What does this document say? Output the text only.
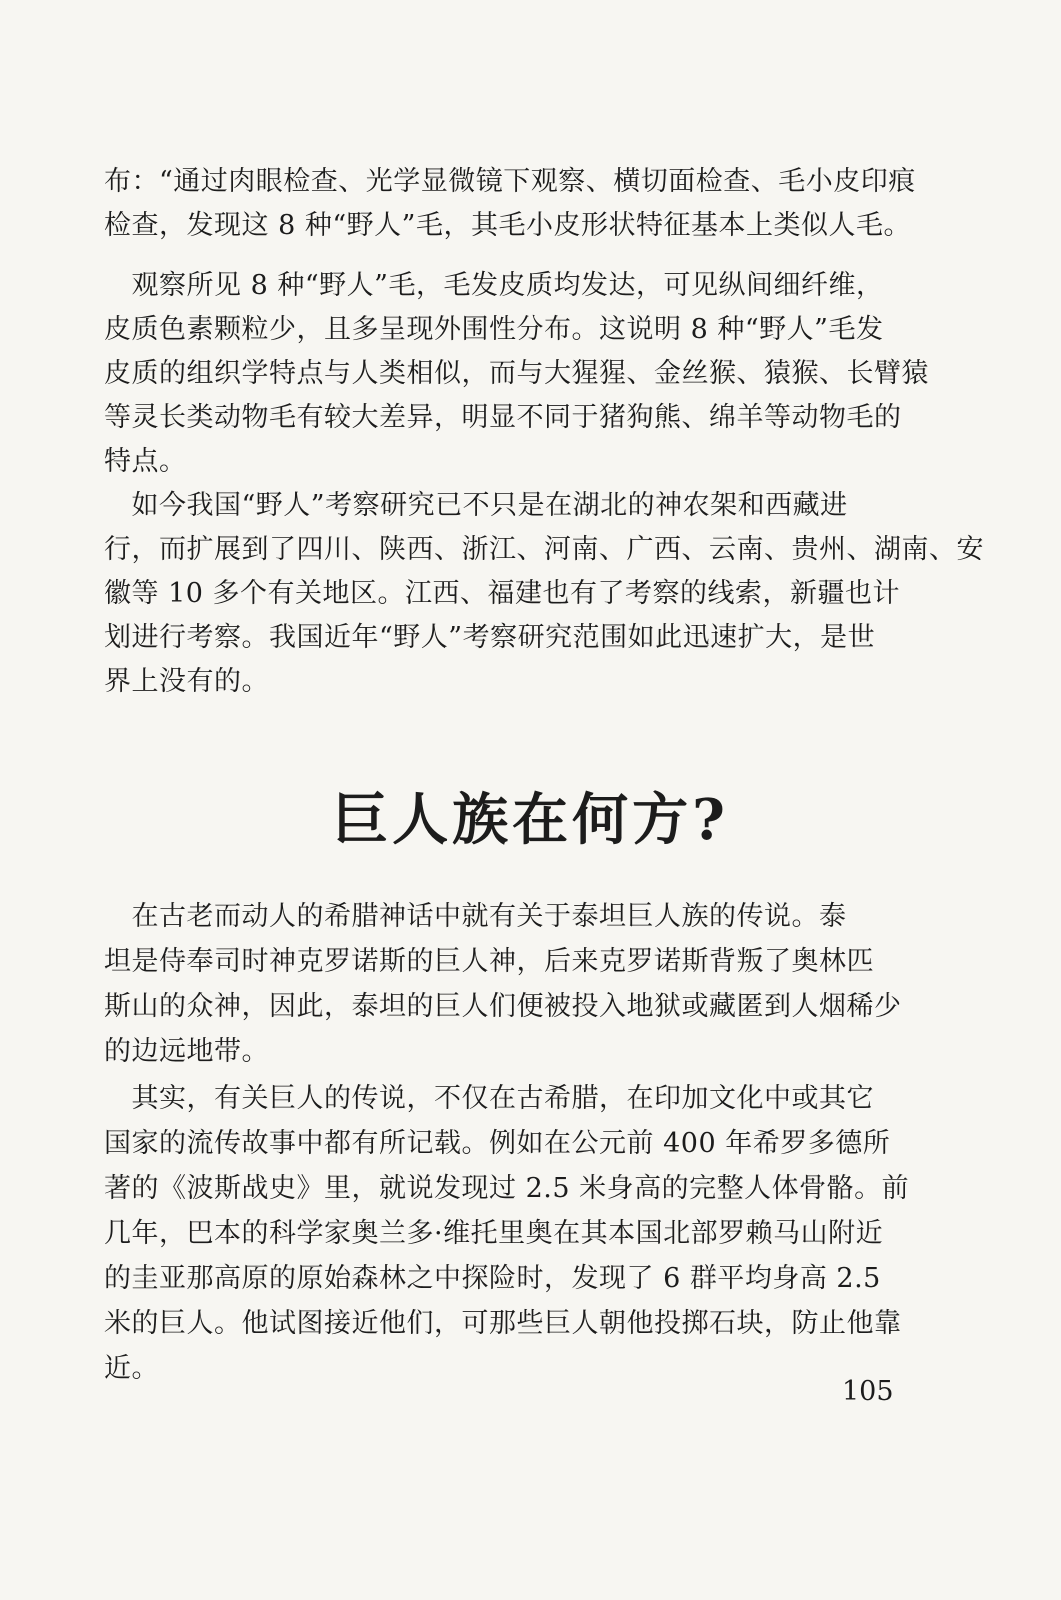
布：“通过肉眼检查、光学显微镜下观察、横切面检查、毛小皮印痕
检查，发现这 8 种“野人”毛，其毛小皮形状特征基本上类似人毛。
　观察所见 8 种“野人”毛，毛发皮质均发达，可见纵间细纤维，
皮质色素颗粒少，且多呈现外围性分布。这说明 8 种“野人”毛发
皮质的组织学特点与人类相似，而与大猩猩、金丝猴、猿猴、长臂猿
等灵长类动物毛有较大差异，明显不同于猪狗熊、绵羊等动物毛的
特点。
　如今我国“野人”考察研究已不只是在湖北的神农架和西藏进
行，而扩展到了四川、陕西、浙江、河南、广西、云南、贵州、湖南、安
徽等 10 多个有关地区。江西、福建也有了考察的线索，新疆也计
划进行考察。我国近年“野人”考察研究范围如此迅速扩大，是世
界上没有的。
巨人族在何方?
　在古老而动人的希腊神话中就有关于泰坦巨人族的传说。泰
坦是侍奉司时神克罗诺斯的巨人神，后来克罗诺斯背叛了奥林匹
斯山的众神，因此，泰坦的巨人们便被投入地狱或藏匿到人烟稀少
的边远地带。
　其实，有关巨人的传说，不仅在古希腊，在印加文化中或其它
国家的流传故事中都有所记载。例如在公元前 400 年希罗多德所
著的《波斯战史》里，就说发现过 2.5 米身高的完整人体骨骼。前
几年，巴本的科学家奥兰多·维托里奥在其本国北部罗赖马山附近
的圭亚那高原的原始森林之中探险时，发现了 6 群平均身高 2.5
米的巨人。他试图接近他们，可那些巨人朝他投掷石块，防止他靠
近。
105
